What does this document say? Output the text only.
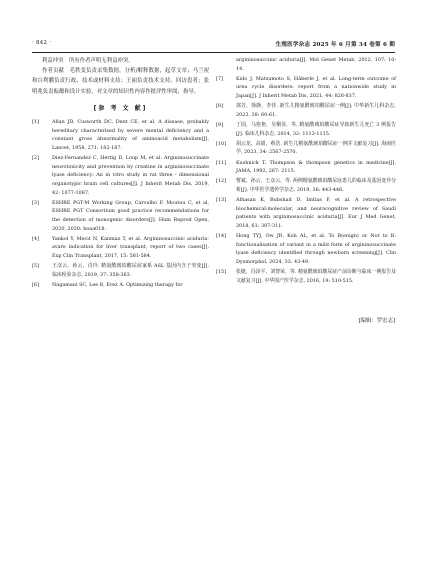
· 842 ·	生殖医学杂志 2025 年 6 月第 34 卷第 6 期

利益冲突　所有作者声明无利益冲突。

作者贡献　毛秩变负责采集数据，分析/解释数据，起草文章；马兰祝和白利鹏负责行政、技术或材料支持；王丽负责技术支持、回访患者；张明兆负责酝酿和设计实验，对文章的知识性内容作批评性审阅，指导。

[参 考 文 献]
[1]	Allan JD, Cusworth DC, Dent CE, et al. A disease, probably hereditary characterised by severe mental deficiency and a constant gross abnormality of aminoacid metabolism[J]. Lancet, 1958, 271: 182-187.
[2]	Diez-Fernandez C, Hertig D, Loup M, et al. Argininosuccinate neurotoxicity and prevention by creatine in argininosuccinate lyase deficiency: An in vitro study in rat three - dimensional organotypic brain cell cultures[J]. J Inherit Metab Dis, 2019, 42: 1077-1087.
[3]	ESHRE PGT-M Working Group, Carvalho F, Moutou C, et al. ESHRE PGT Consortium good practice recommendations for the detection of monogenic disorders[J]. Hum Reprod Open, 2020, 2020: hoaa018.
[4]	Yankol Y, Mecit N, Kanmaz T, et al. Argininosuccinic aciduria-avare indication for liver transplant, report of two cases[J]. Exp Clin Transplant, 2017, 15: 581-584.
[5]	王彦云，孙云，肖玲. 精氨酰琥珀酸尿症家系 ASL 基因内含子突变[J]. 临床检验杂志, 2019, 37: 358-363.
[6]	Nagamani SC, Lee B, Erez A. Optimizing therapy for

argininosuccinic aciduria[J]. Mol Genet Metab, 2012, 107: 10-14.

[7]	Kido J, Matsumoto S, Häberle J, et al. Long-term outcome of urea cycle disorders: report from a nationwide study in Japan[J]. J Inherit Metab Dis, 2021, 44: 826-837.
[8]	郭芳，徐静，李佳. 新生儿精氨酰琥珀酸尿症一例[J]. 中华新生儿科杂志, 2023, 38: 60-61.
[9]	丁园，马艳艳，吴桐菲，等. 精氨酰琥珀酸尿症导致新生儿死亡 3 例报告[J]. 临床儿科杂志, 2014, 32: 1113-1115.
[10]	胡云龙，高娟，蔡浩. 新生儿精氨酰琥珀酸尿症一例并文献复习[J]. 海南医学, 2023, 34: 2567-2570.
[11]	Kushnick T. Thompson & thompson genetics in medicine[J]. JAMA, 1992, 267: 2115.
[12]	曹斌，孙云，王彦云，等. 两例精氨酰琥珀酸尿症患儿的临床及基因变异分析[J]. 中华医学遗传学杂志, 2019, 36: 443-446.
[13]	Alhasan K, Bubshait D, Imtias F, et al. A retrospective biochemical-molecular, and neurocognitive review of Saudi patients with argininosuccinic aciduria[J]. Eur J Med Genet, 2018, 61: 307-311.
[14]	Hong TYJ, Ow JR, Koh AL, et al. To B(enign) or Not to B: functionalisation of variant in a mild form of argininosuccinate lyase deficiency identified through newborn screening[J]. Clin Dysmorphol, 2024, 33: 43-49.
[15]	张捷，冯泽平，刘智荣，等. 精氨酰琥珀酸尿症产前诊断与临床一例报告及文献复习[J]. 中华围产医学杂志, 2016, 19: 510-515.
[编辑：罗宏志]
